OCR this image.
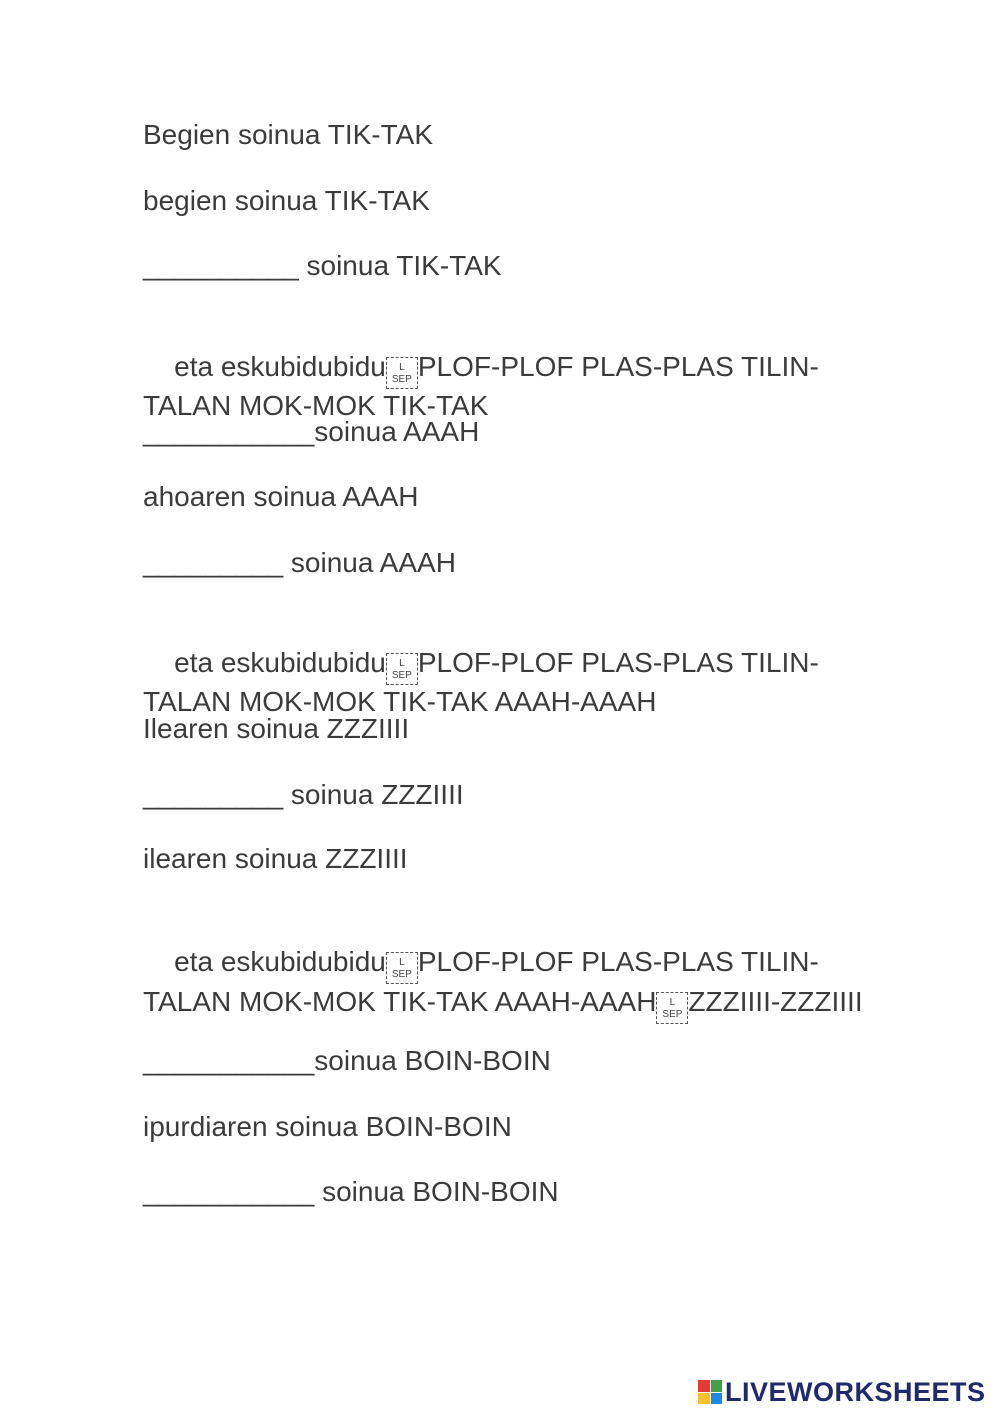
Begien soinua TIK-TAK
begien soinua TIK-TAK
__________ soinua TIK-TAK

eta eskubidubidu L
SEP PLOF-PLOF PLAS-PLAS TILIN-TALAN MOK-MOK TIK-TAK

___________soinua AAAH
ahoaren soinua AAAH
_________ soinua AAAH

eta eskubidubidu L
SEP PLOF-PLOF PLAS-PLAS TILIN-TALAN MOK-MOK TIK-TAK AAAH-AAAH

Ilearen soinua ZZZIIII
_________ soinua ZZZIIII
ilearen soinua ZZZIIII

eta eskubidubidu L
SEP PLOF-PLOF PLAS-PLAS TILIN-TALAN MOK-MOK TIK-TAK AAAH-AAAH L
SEP ZZZIIII-ZZZIIII

___________soinua BOIN-BOIN
ipurdiaren soinua BOIN-BOIN
___________ soinua BOIN-BOIN
LIVEWORKSHEETS
